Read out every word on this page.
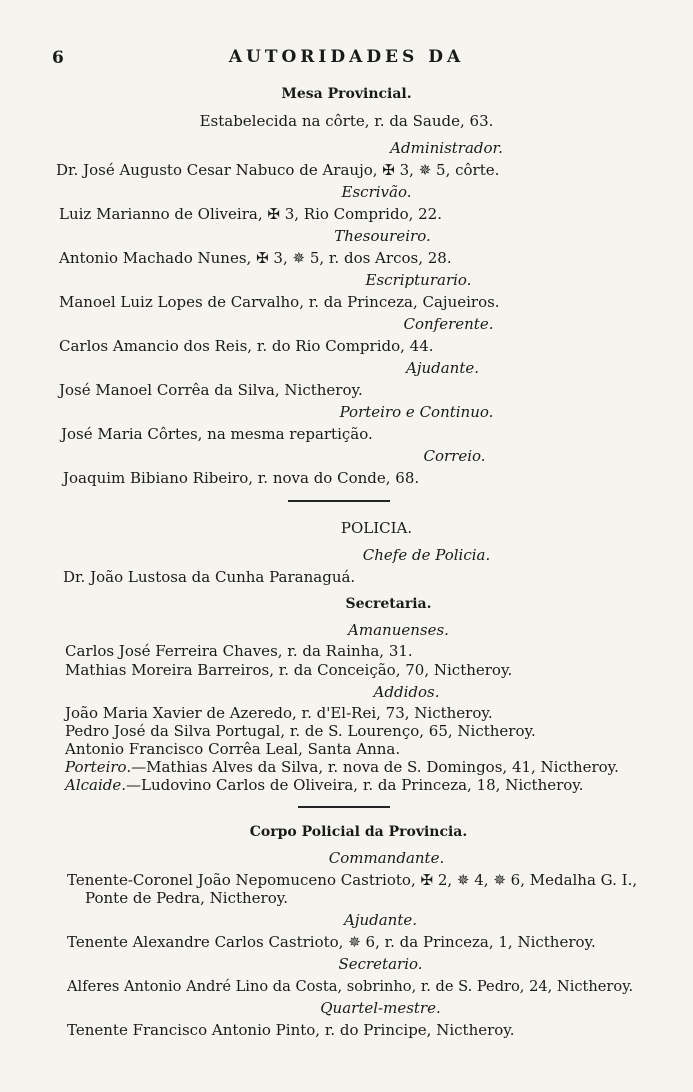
6	AUTORIDADES DA
Mesa Provincial.
Estabelecida na côrte, r. da Saude, 63.
Administrador.
Dr. José Augusto Cesar Nabuco de Araujo, ✠ 3, ✵ 5, côrte.
Escrivão.
Luiz Marianno de Oliveira, ✠ 3, Rio Comprido, 22.
Thesoureiro.
Antonio Machado Nunes, ✠ 3, ✵ 5, r. dos Arcos, 28.
Escripturario.
Manoel Luiz Lopes de Carvalho, r. da Princeza, Cajueiros.
Conferente.
Carlos Amancio dos Reis, r. do Rio Comprido, 44.
Ajudante.
José Manoel Corrêa da Silva, Nictheroy.
Porteiro e Continuo.
José Maria Côrtes, na mesma repartição.
Correio.
Joaquim Bibiano Ribeiro, r. nova do Conde, 68.
POLICIA.
Chefe de Policia.
Dr. João Lustosa da Cunha Paranaguá.
Secretaria.
Amanuenses.
Carlos José Ferreira Chaves, r. da Rainha, 31.
Mathias Moreira Barreiros, r. da Conceição, 70, Nictheroy.
Addidos.
João Maria Xavier de Azeredo, r. d'El-Rei, 73, Nictheroy.
Pedro José da Silva Portugal, r. de S. Lourenço, 65, Nictheroy.
Antonio Francisco Corrêa Leal, Santa Anna.
Porteiro.—Mathias Alves da Silva, r. nova de S. Domingos, 41, Nictheroy.
Alcaide.—Ludovino Carlos de Oliveira, r. da Princeza, 18, Nictheroy.
Corpo Policial da Provincia.
Commandante.
Tenente-Coronel João Nepomuceno Castrioto, ✠ 2, ✵ 4, ✵ 6, Medalha G. I.,
Ponte de Pedra, Nictheroy.
Ajudante.
Tenente Alexandre Carlos Castrioto, ✵ 6, r. da Princeza, 1, Nictheroy.
Secretario.
Alferes Antonio André Lino da Costa, sobrinho, r. de S. Pedro, 24, Nictheroy.
Quartel-mestre.
Tenente Francisco Antonio Pinto, r. do Principe, Nictheroy.
